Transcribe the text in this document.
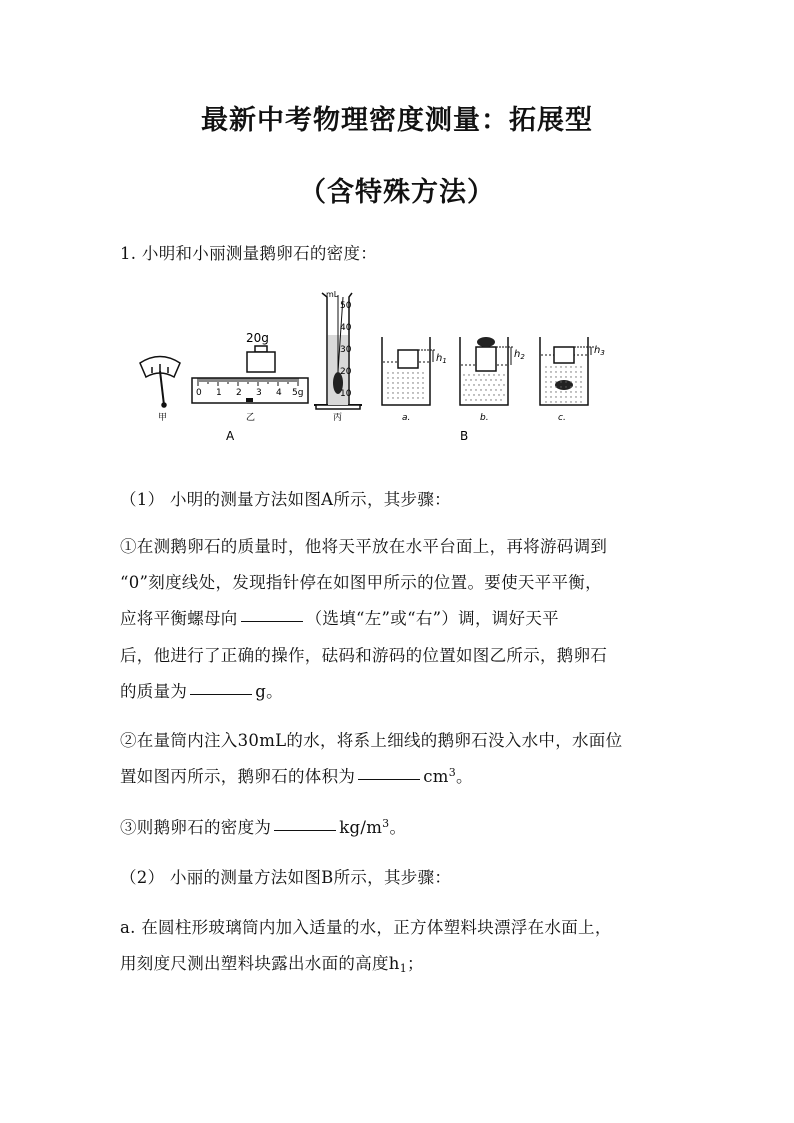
最新中考物理密度测量：拓展型
（含特殊方法）
1. 小明和小丽测量鹅卵石的密度：
甲
20g
0 1 2 3 4 5g
乙
mL
50
40
30
20
10
丙
$h_1$
a.
$h_2$
b.
$h_3$
c.
A	B
（1） 小明的测量方法如图A所示，其步骤：
①在测鹅卵石的质量时，他将天平放在水平台面上，再将游码调到
“0”刻度线处，发现指针停在如图甲所示的位置。要使天平平衡，
应将平衡螺母向	（选填“左”或“右”）调，调好天平
后，他进行了正确的操作，砝码和游码的位置如图乙所示，鹅卵石
的质量为	g。
②在量筒内注入30mL的水，将系上细线的鹅卵石没入水中，水面位
置如图丙所示，鹅卵石的体积为	$cm^3$。
③则鹅卵石的密度为	$kg/m^3$。
（2） 小丽的测量方法如图B所示，其步骤：
a. 在圆柱形玻璃筒内加入适量的水，正方体塑料块漂浮在水面上，
用刻度尺测出塑料块露出水面的高度$h_1$；
